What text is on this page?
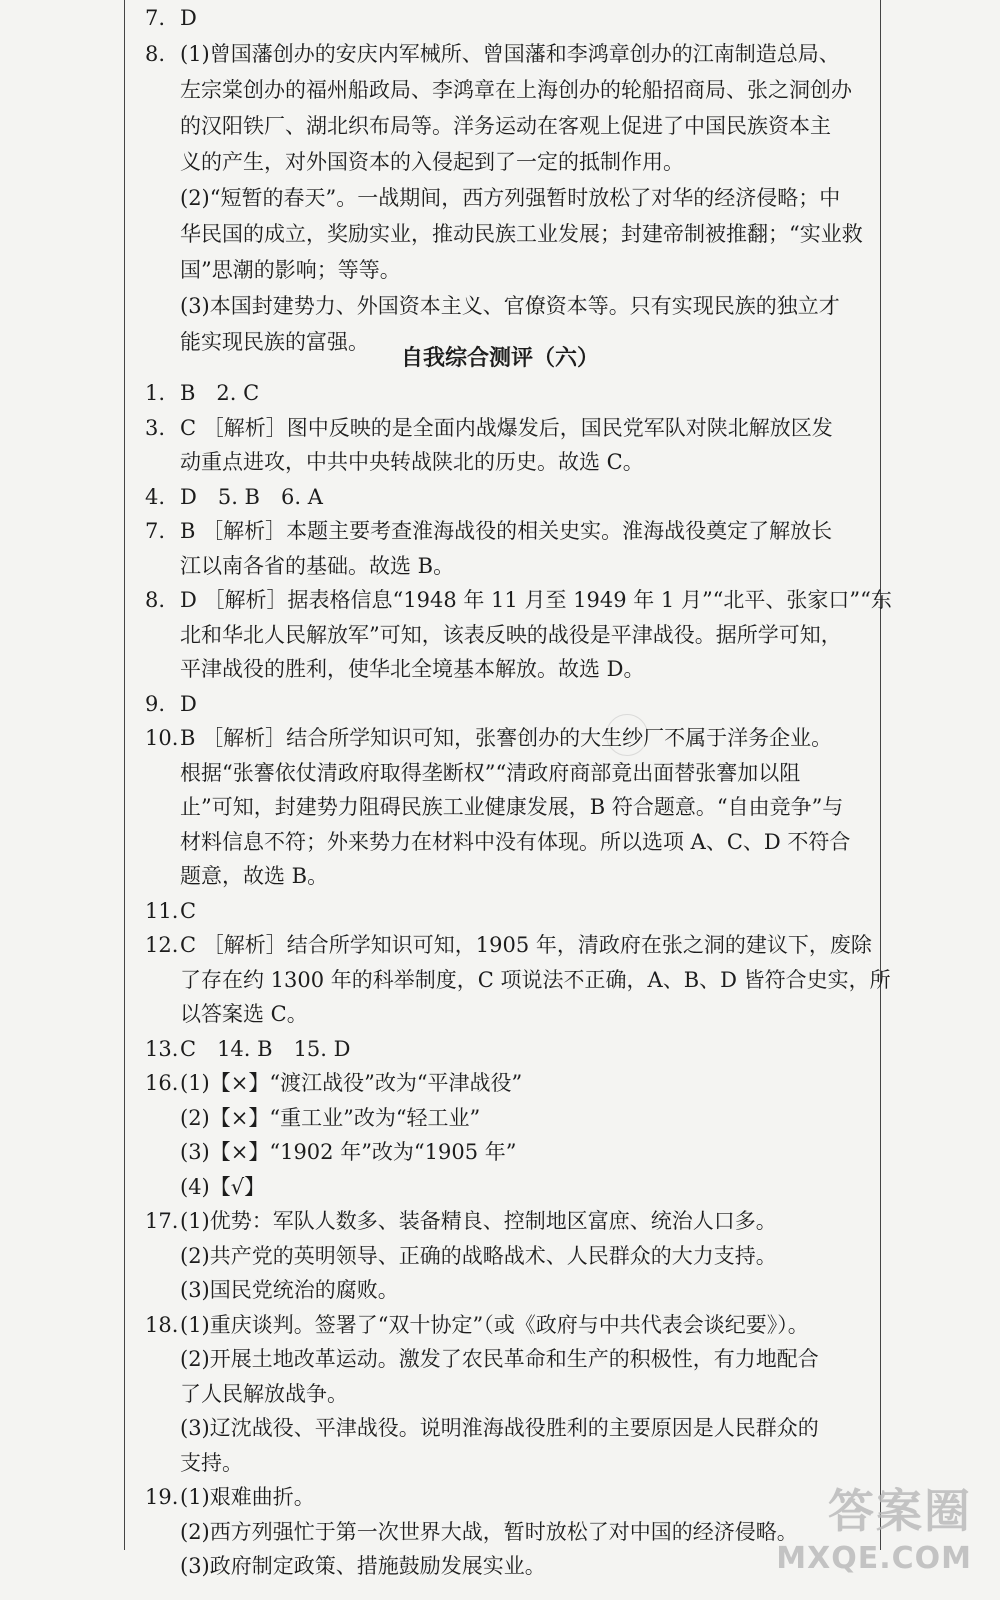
自我综合测评（六）
7. D
8. (1)曾国藩创办的安庆内军械所、曾国藩和李鸿章创办的江南制造总局、
左宗棠创办的福州船政局、李鸿章在上海创办的轮船招商局、张之洞创办
的汉阳铁厂、湖北织布局等。洋务运动在客观上促进了中国民族资本主
义的产生，对外国资本的入侵起到了一定的抵制作用。
(2)“短暂的春天”。一战期间，西方列强暂时放松了对华的经济侵略；中
华民国的成立，奖励实业，推动民族工业发展；封建帝制被推翻；“实业救
国”思潮的影响；等等。
(3)本国封建势力、外国资本主义、官僚资本等。只有实现民族的独立才
能实现民族的富强。
1. B　2. C
3. C ［解析］图中反映的是全面内战爆发后，国民党军队对陕北解放区发
动重点进攻，中共中央转战陕北的历史。故选 C。
4. D　5. B　6. A
7. B ［解析］本题主要考查淮海战役的相关史实。淮海战役奠定了解放长
江以南各省的基础。故选 B。
8. D ［解析］据表格信息“1948 年 11 月至 1949 年 1 月”“北平、张家口”“东
北和华北人民解放军”可知，该表反映的战役是平津战役。据所学可知，
平津战役的胜利，使华北全境基本解放。故选 D。
9. D
10. B ［解析］结合所学知识可知，张謇创办的大生纱厂不属于洋务企业。
根据“张謇依仗清政府取得垄断权”“清政府商部竟出面替张謇加以阻
止”可知，封建势力阻碍民族工业健康发展，B 符合题意。“自由竞争”与
材料信息不符；外来势力在材料中没有体现。所以选项 A、C、D 不符合
题意，故选 B。
11. C
12. C ［解析］结合所学知识可知，1905 年，清政府在张之洞的建议下，废除
了存在约 1300 年的科举制度，C 项说法不正确，A、B、D 皆符合史实，所
以答案选 C。
13. C　14. B　15. D
16. (1)【×】“渡江战役”改为“平津战役”
(2)【×】“重工业”改为“轻工业”
(3)【×】“1902 年”改为“1905 年”
(4)【√】
17. (1)优势：军队人数多、装备精良、控制地区富庶、统治人口多。
(2)共产党的英明领导、正确的战略战术、人民群众的大力支持。
(3)国民党统治的腐败。
18. (1)重庆谈判。签署了“双十协定”（或《政府与中共代表会谈纪要》）。
(2)开展土地改革运动。激发了农民革命和生产的积极性，有力地配合
了人民解放战争。
(3)辽沈战役、平津战役。说明淮海战役胜利的主要原因是人民群众的
支持。
19. (1)艰难曲折。
(2)西方列强忙于第一次世界大战，暂时放松了对中国的经济侵略。
(3)政府制定政策、措施鼓励发展实业。
答案圈
MXQE.COM
